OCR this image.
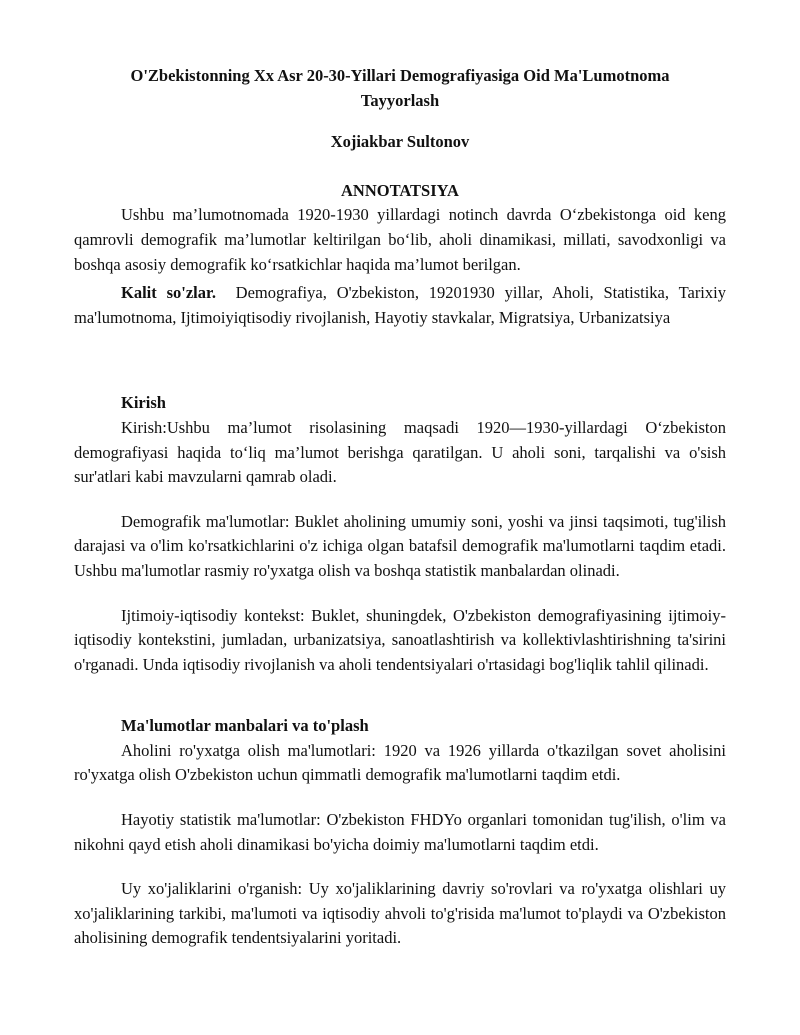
O'Zbekistonning Xx Asr 20-30-Yillari Demografiyasiga Oid Ma'Lumotnoma Tayyorlash

Xojiakbar Sultonov

ANNOTATSIYA

Ushbu ma’lumotnomada 1920-1930 yillardagi notinch davrda O‘zbekistonga oid keng qamrovli demografik ma’lumotlar keltirilgan bo‘lib, aholi dinamikasi, millati, savodxonligi va boshqa asosiy demografik ko‘rsatkichlar haqida ma’lumot berilgan.

Kalit so'zlar. Demografiya, O'zbekiston, 19201930 yillar, Aholi, Statistika, Tarixiy ma'lumotnoma, Ijtimoiyiqtisodiy rivojlanish, Hayotiy stavkalar, Migratsiya, Urbanizatsiya

Kirish

Kirish:Ushbu ma’lumot risolasining maqsadi 1920—1930-yillardagi O‘zbekiston demografiyasi haqida to‘liq ma’lumot berishga qaratilgan. U aholi soni, tarqalishi va o'sish sur'atlari kabi mavzularni qamrab oladi.

Demografik ma'lumotlar: Buklet aholining umumiy soni, yoshi va jinsi taqsimoti, tug'ilish darajasi va o'lim ko'rsatkichlarini o'z ichiga olgan batafsil demografik ma'lumotlarni taqdim etadi. Ushbu ma'lumotlar rasmiy ro'yxatga olish va boshqa statistik manbalardan olinadi.

Ijtimoiy-iqtisodiy kontekst: Buklet, shuningdek, O'zbekiston demografiyasining ijtimoiy-iqtisodiy kontekstini, jumladan, urbanizatsiya, sanoatlashtirish va kollektivlashtirishning ta'sirini o'rganadi. Unda iqtisodiy rivojlanish va aholi tendentsiyalari o'rtasidagi bog'liqlik tahlil qilinadi.

Ma'lumotlar manbalari va to'plash

Aholini ro'yxatga olish ma'lumotlari: 1920 va 1926 yillarda o'tkazilgan sovet aholisini ro'yxatga olish O'zbekiston uchun qimmatli demografik ma'lumotlarni taqdim etdi.

Hayotiy statistik ma'lumotlar: O'zbekiston FHDYo organlari tomonidan tug'ilish, o'lim va nikohni qayd etish aholi dinamikasi bo'yicha doimiy ma'lumotlarni taqdim etdi.

Uy xo'jaliklarini o'rganish: Uy xo'jaliklarining davriy so'rovlari va ro'yxatga olishlari uy xo'jaliklarining tarkibi, ma'lumoti va iqtisodiy ahvoli to'g'risida ma'lumot to'playdi va O'zbekiston aholisining demografik tendentsiyalarini yoritadi.
